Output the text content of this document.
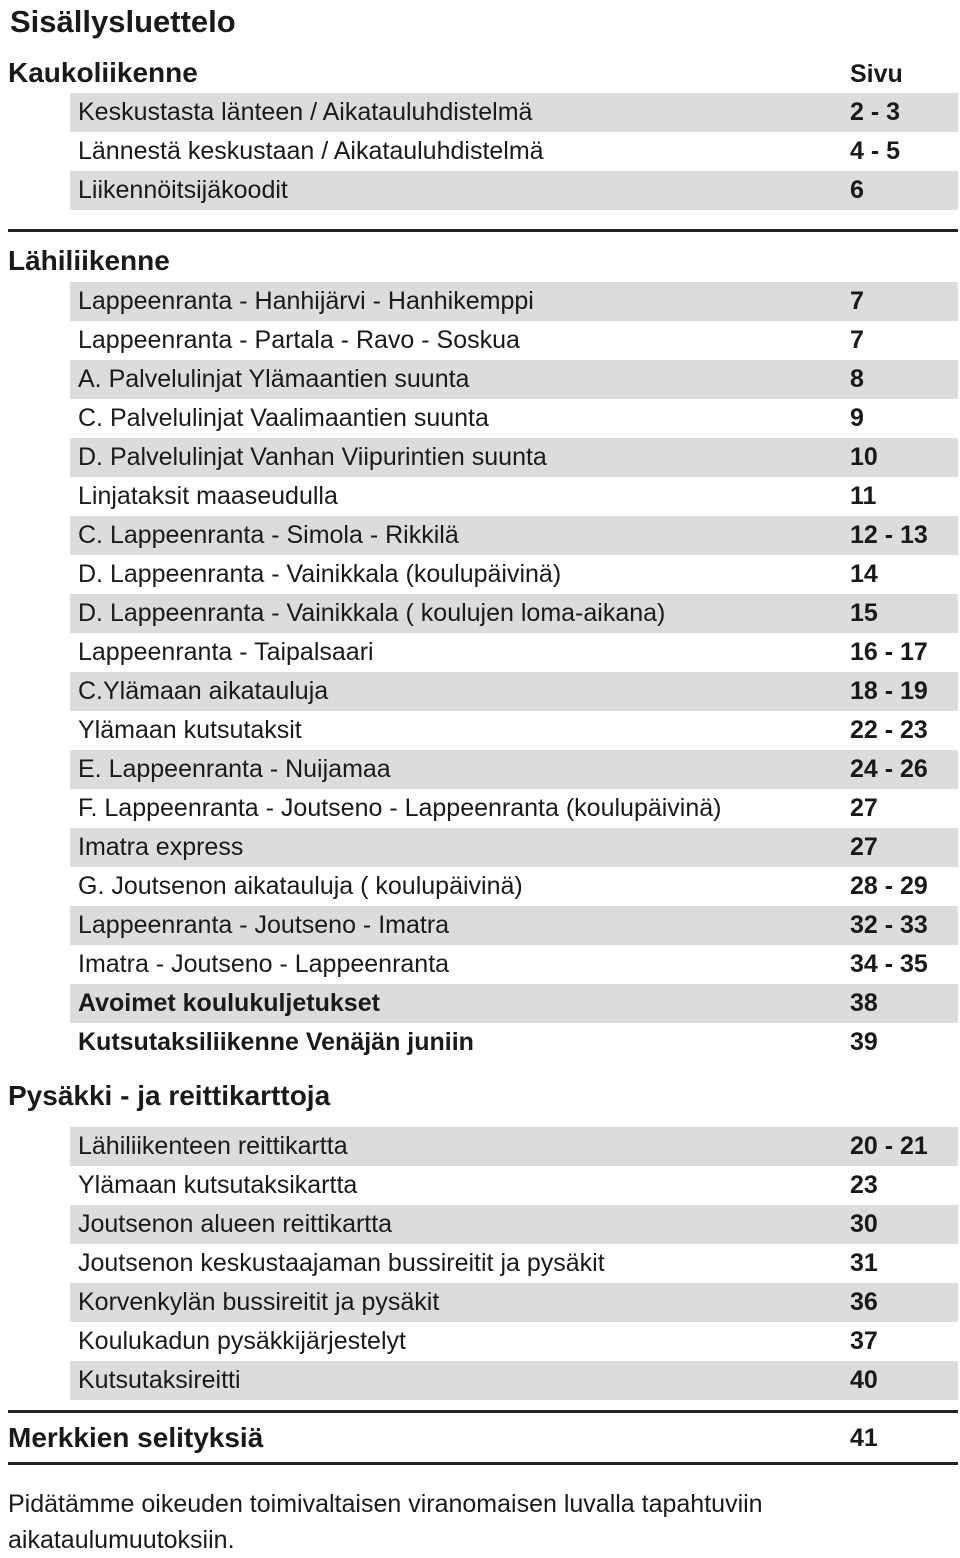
Sisällysluettelo
Kaukoliikenne	Sivu
Keskustasta länteen / Aikatauluhdistelmä	2 - 3
Lännestä keskustaan / Aikatauluhdistelmä	4 - 5
Liikennöitsijäkoodit	6
Lähiliikenne
Lappeenranta - Hanhijärvi - Hanhikemppi	7
Lappeenranta - Partala - Ravo - Soskua	7
A. Palvelulinjat Ylämaantien suunta	8
C. Palvelulinjat Vaalimaantien suunta	9
D. Palvelulinjat Vanhan Viipurintien suunta	10
Linjataksit maaseudulla	11
C. Lappeenranta - Simola - Rikkilä	12 - 13
D. Lappeenranta - Vainikkala (koulupäivinä)	14
D. Lappeenranta - Vainikkala ( koulujen loma-aikana)	15
Lappeenranta - Taipalsaari	16 - 17
C.Ylämaan aikatauluja	18 - 19
Ylämaan kutsutaksit	22 - 23
E. Lappeenranta - Nuijamaa	24 - 26
F. Lappeenranta - Joutseno - Lappeenranta (koulupäivinä)	27
Imatra express	27
G. Joutsenon aikatauluja ( koulupäivinä)	28 - 29
Lappeenranta - Joutseno - Imatra	32 - 33
Imatra - Joutseno - Lappeenranta	34 - 35
Avoimet koulukuljetukset	38
Kutsutaksiliikenne Venäjän juniin	39
Pysäkki - ja reittikarttoja
Lähiliikenteen reittikartta	20 - 21
Ylämaan kutsutaksikartta	23
Joutsenon alueen reittikartta	30
Joutsenon keskustaajaman bussireitit ja pysäkit	31
Korvenkylän bussireitit ja pysäkit	36
Koulukadun pysäkkijärjestelyt	37
Kutsutaksireitti	40
Merkkien selityksiä	41
Pidätämme oikeuden toimivaltaisen viranomaisen luvalla tapahtuviin aikataulumuutoksiin.
